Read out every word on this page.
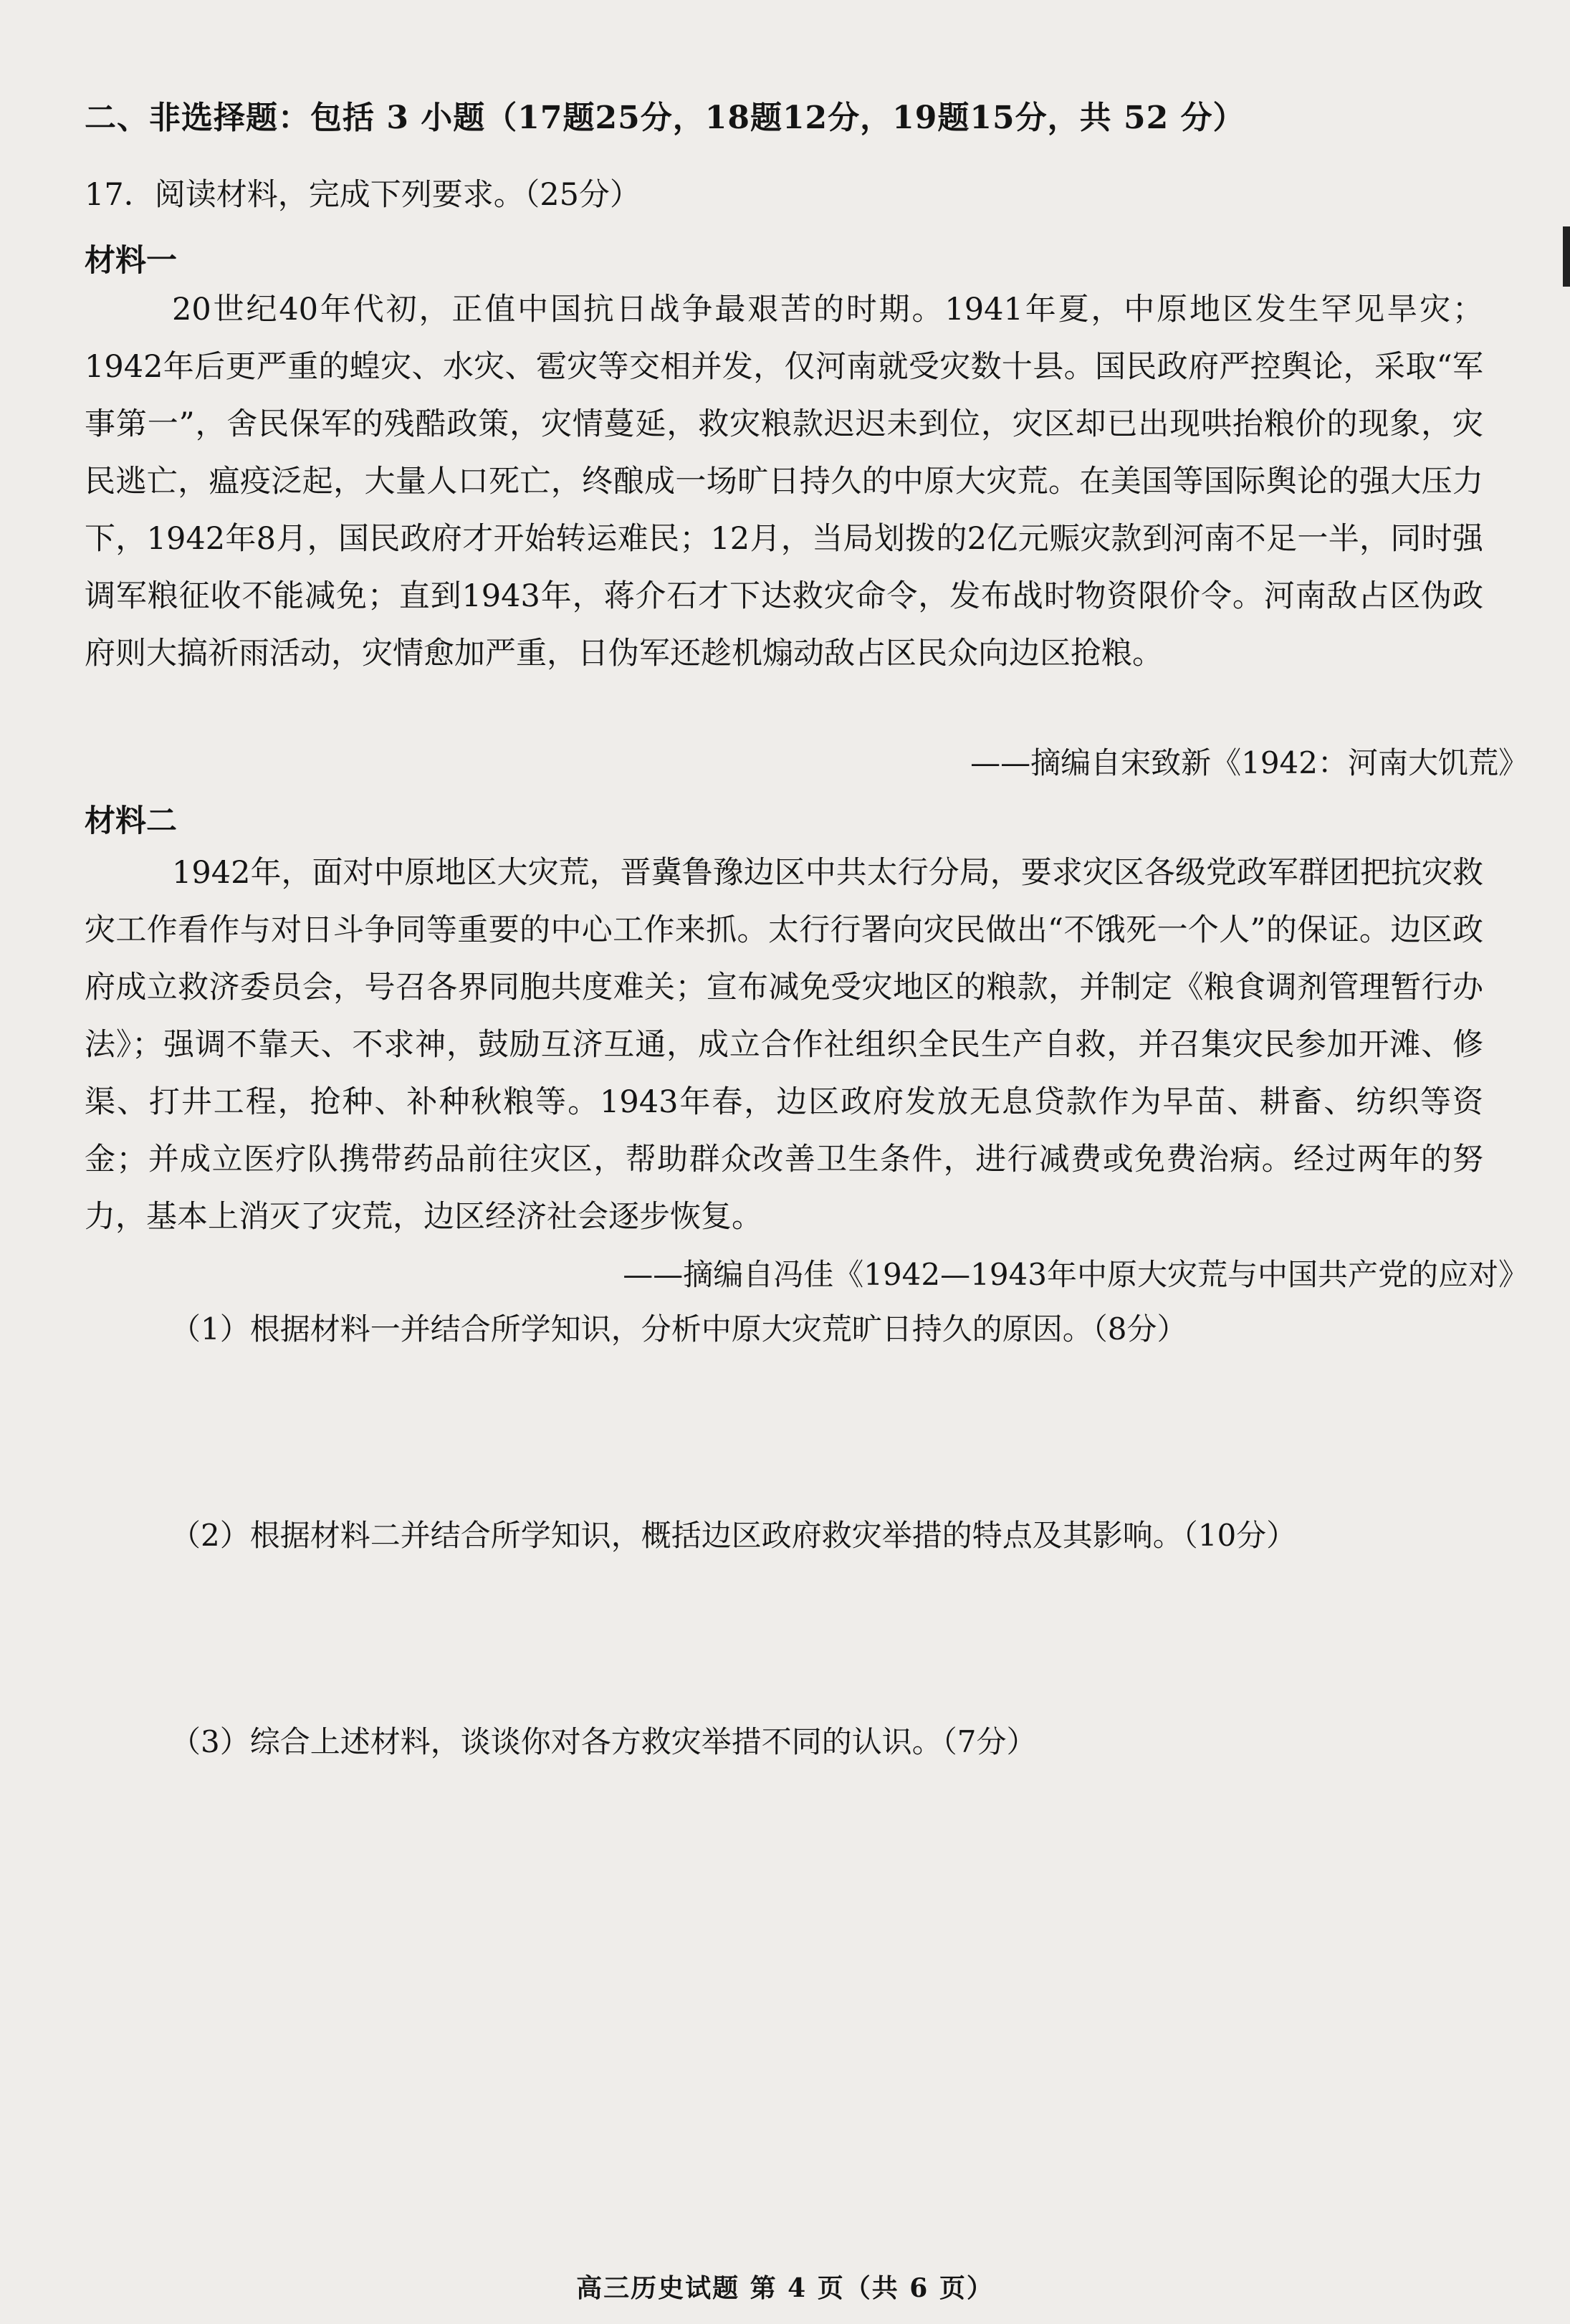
二、非选择题：包括 3 小题（17题25分，18题12分，19题15分，共 52 分）
17．阅读材料，完成下列要求。（25分）
材料一
20世纪40年代初，正值中国抗日战争最艰苦的时期。1941年夏，中原地区发生罕见旱灾；1942年后更严重的蝗灾、水灾、雹灾等交相并发，仅河南就受灾数十县。国民政府严控舆论，采取“军事第一”，舍民保军的残酷政策，灾情蔓延，救灾粮款迟迟未到位，灾区却已出现哄抬粮价的现象，灾民逃亡，瘟疫泛起，大量人口死亡，终酿成一场旷日持久的中原大灾荒。在美国等国际舆论的强大压力下，1942年8月，国民政府才开始转运难民；12月，当局划拨的2亿元赈灾款到河南不足一半，同时强调军粮征收不能减免；直到1943年，蒋介石才下达救灾命令，发布战时物资限价令。河南敌占区伪政府则大搞祈雨活动，灾情愈加严重，日伪军还趁机煽动敌占区民众向边区抢粮。
——摘编自宋致新《1942：河南大饥荒》
材料二
1942年，面对中原地区大灾荒，晋冀鲁豫边区中共太行分局，要求灾区各级党政军群团把抗灾救灾工作看作与对日斗争同等重要的中心工作来抓。太行行署向灾民做出“不饿死一个人”的保证。边区政府成立救济委员会，号召各界同胞共度难关；宣布减免受灾地区的粮款，并制定《粮食调剂管理暂行办法》；强调不靠天、不求神，鼓励互济互通，成立合作社组织全民生产自救，并召集灾民参加开滩、修渠、打井工程，抢种、补种秋粮等。1943年春，边区政府发放无息贷款作为早苗、耕畜、纺织等资金；并成立医疗队携带药品前往灾区，帮助群众改善卫生条件，进行减费或免费治病。经过两年的努力，基本上消灭了灾荒，边区经济社会逐步恢复。
——摘编自冯佳《1942—1943年中原大灾荒与中国共产党的应对》
（1）根据材料一并结合所学知识，分析中原大灾荒旷日持久的原因。（8分）
（2）根据材料二并结合所学知识，概括边区政府救灾举措的特点及其影响。（10分）
（3）综合上述材料，谈谈你对各方救灾举措不同的认识。（7分）
高三历史试题 第 4 页（共 6 页）
